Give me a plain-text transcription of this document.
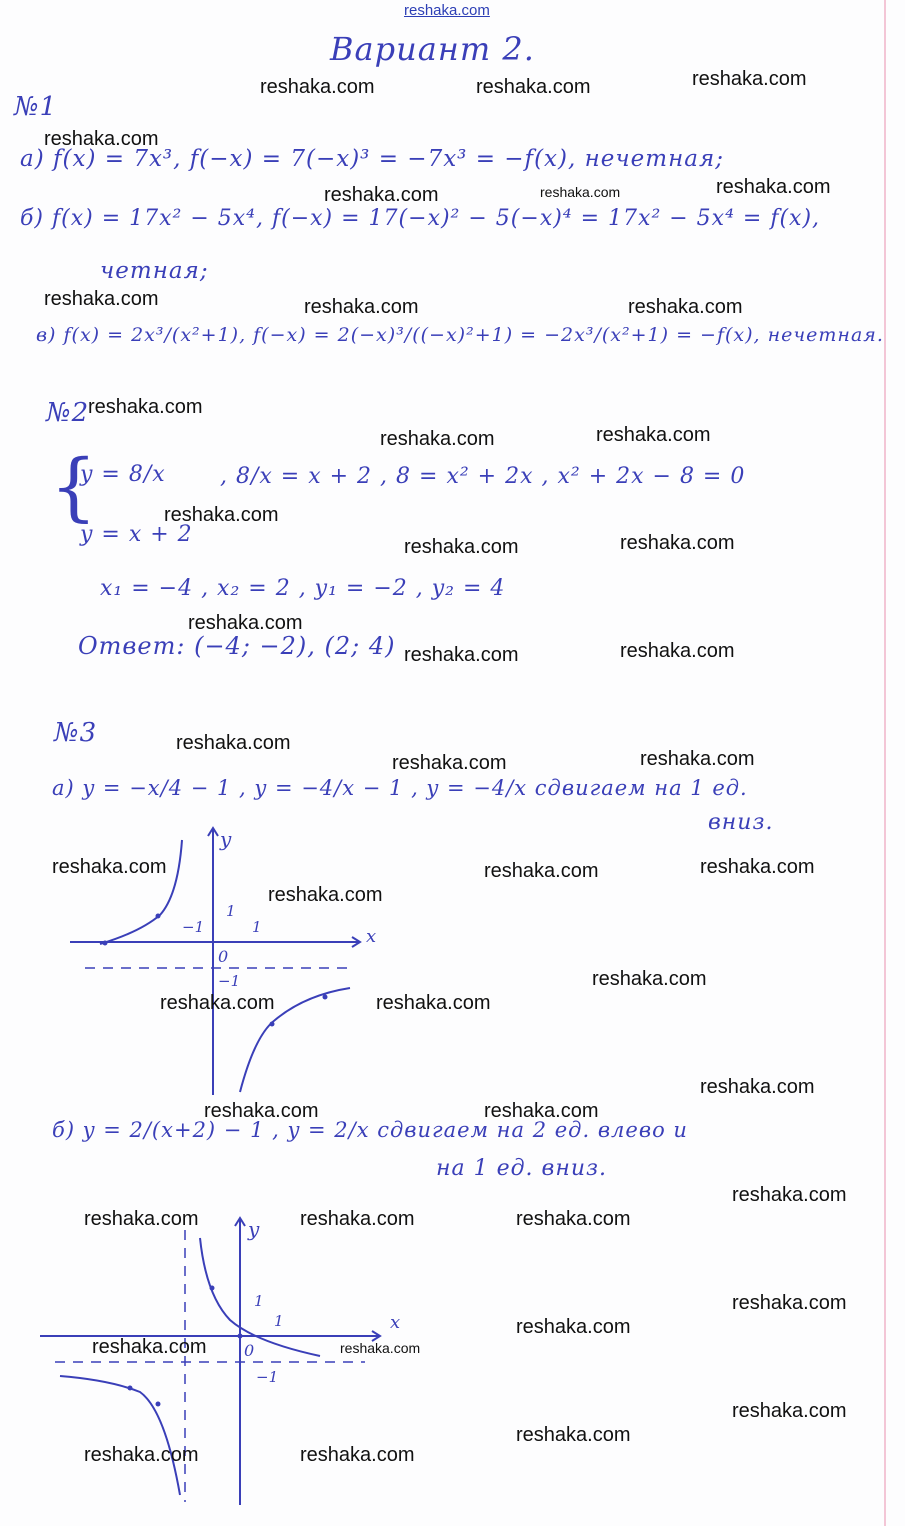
reshaka.com
Вариант 2.
№1
а) f(x) = 7x³, f(−x) = 7(−x)³ = −7x³ = −f(x), нечетная;
б) f(x) = 17x² − 5x⁴, f(−x) = 17(−x)² − 5(−x)⁴ = 17x² − 5x⁴ = f(x),
четная;
в) f(x) = 2x³/(x²+1), f(−x) = 2(−x)³/((−x)²+1) = −2x³/(x²+1) = −f(x), нечетная.
№2
{
y = 8/x
y = x + 2
, 8/x = x + 2 , 8 = x² + 2x , x² + 2x − 8 = 0
x₁ = −4 , x₂ = 2 , y₁ = −2 , y₂ = 4
Ответ: (−4; −2), (2; 4)
№3
а) y = −x/4 − 1 , y = −4/x − 1 , y = −4/x сдвигаем на 1 ед.
вниз.
x
y
0
1
−1
1
−1
б) y = 2/(x+2) − 1 , y = 2/x сдвигаем на 2 ед. влево и
на 1 ед. вниз.
x
y
0
1
−1
1
reshaka.com	reshaka.com	reshaka.com
reshaka.com
reshaka.com	reshaka.com	reshaka.com
reshaka.com	reshaka.com	reshaka.com
reshaka.com
reshaka.com	reshaka.com
reshaka.com
reshaka.com	reshaka.com
reshaka.com
reshaka.com	reshaka.com
reshaka.com
reshaka.com	reshaka.com
reshaka.com	reshaka.com	reshaka.com
reshaka.com
reshaka.com
reshaka.com	reshaka.com
reshaka.com
reshaka.com	reshaka.com
reshaka.com
reshaka.com	reshaka.com	reshaka.com
reshaka.com
reshaka.com
reshaka.com	reshaka.com
reshaka.com
reshaka.com
reshaka.com	reshaka.com
